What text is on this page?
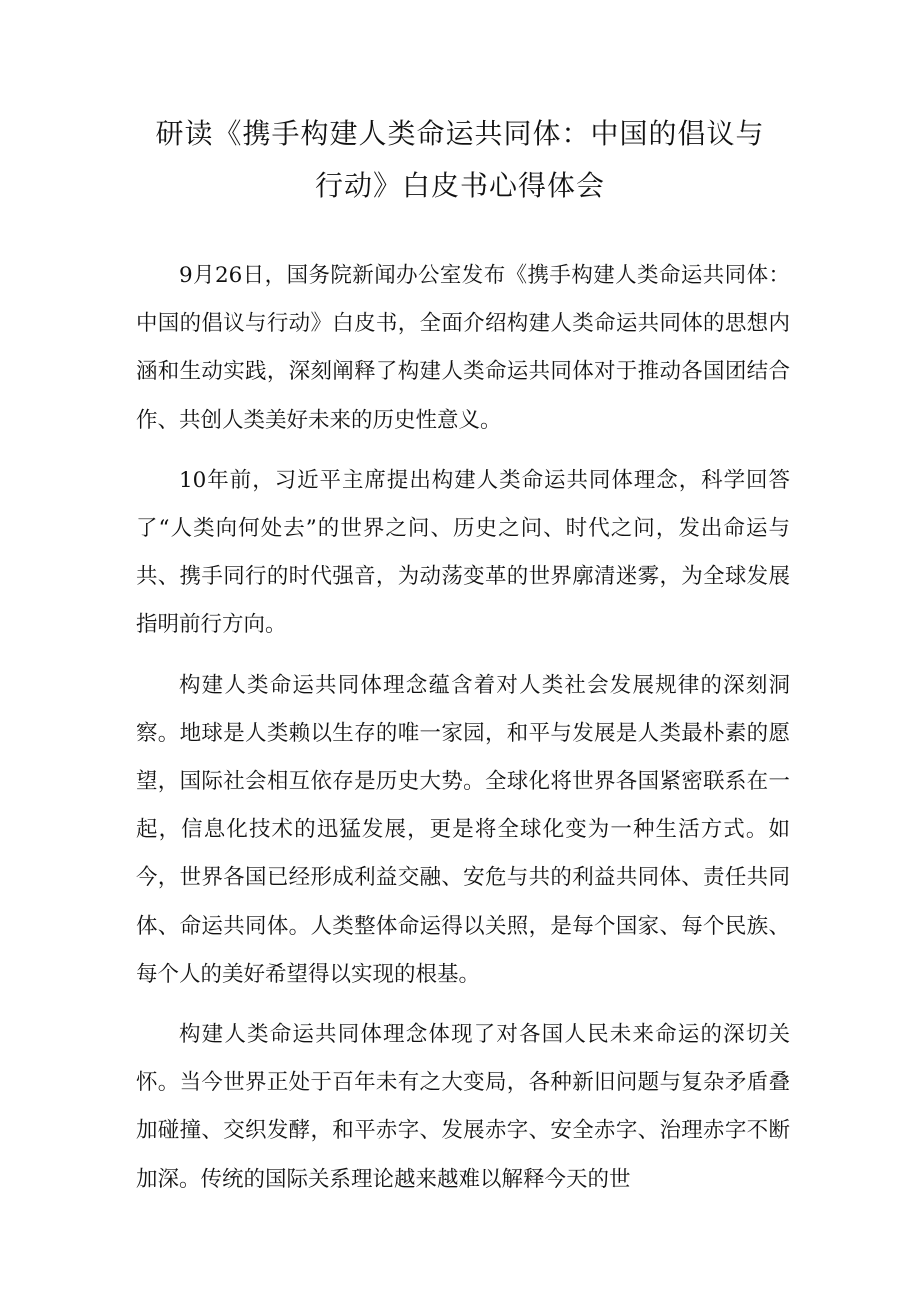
研读《携手构建人类命运共同体：中国的倡议与
行动》白皮书心得体会

9月26日，国务院新闻办公室发布《携手构建人类命运共同体：中国的倡议与行动》白皮书，全面介绍构建人类命运共同体的思想内涵和生动实践，深刻阐释了构建人类命运共同体对于推动各国团结合作、共创人类美好未来的历史性意义。

10年前，习近平主席提出构建人类命运共同体理念，科学回答了“人类向何处去”的世界之问、历史之问、时代之问，发出命运与共、携手同行的时代强音，为动荡变革的世界廓清迷雾，为全球发展指明前行方向。

构建人类命运共同体理念蕴含着对人类社会发展规律的深刻洞察。地球是人类赖以生存的唯一家园，和平与发展是人类最朴素的愿望，国际社会相互依存是历史大势。全球化将世界各国紧密联系在一起，信息化技术的迅猛发展，更是将全球化变为一种生活方式。如今，世界各国已经形成利益交融、安危与共的利益共同体、责任共同体、命运共同体。人类整体命运得以关照，是每个国家、每个民族、每个人的美好希望得以实现的根基。

构建人类命运共同体理念体现了对各国人民未来命运的深切关怀。当今世界正处于百年未有之大变局，各种新旧问题与复杂矛盾叠加碰撞、交织发酵，和平赤字、发展赤字、安全赤字、治理赤字不断加深。传统的国际关系理论越来越难以解释今天的世
